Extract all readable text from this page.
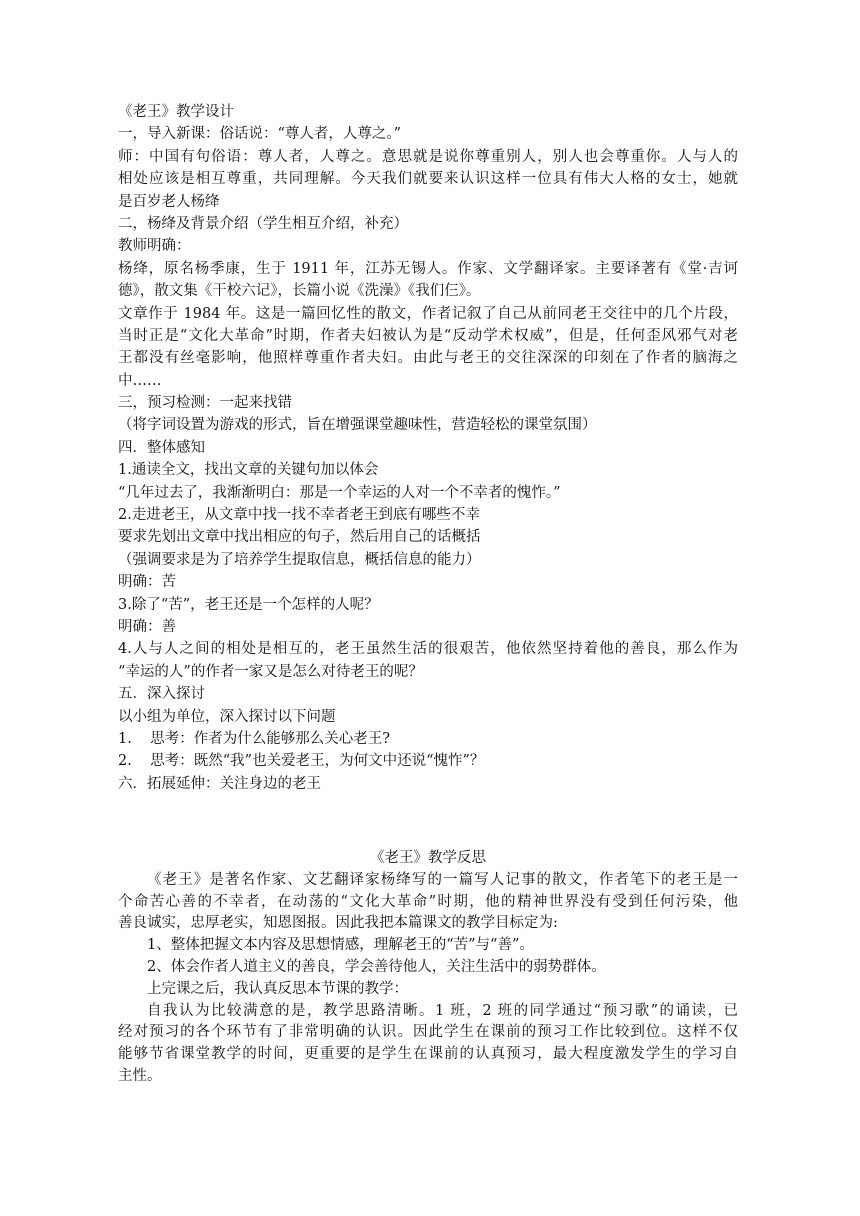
《老王》教学设计
一，导入新课：俗话说：“尊人者，人尊之。”
师：中国有句俗语：尊人者，人尊之。意思就是说你尊重别人，别人也会尊重你。人与人的
相处应该是相互尊重，共同理解。今天我们就要来认识这样一位具有伟大人格的女士，她就
是百岁老人杨绛
二，杨绛及背景介绍（学生相互介绍，补充）
教师明确：
杨绛，原名杨季康，生于 1911 年，江苏无锡人。作家、文学翻译家。主要译著有《堂·吉诃
德》，散文集《干校六记》，长篇小说《洗澡》《我们仨》。
文章作于 1984 年。这是一篇回忆性的散文，作者记叙了自己从前同老王交往中的几个片段，
当时正是“文化大革命”时期，作者夫妇被认为是“反动学术权威”，但是，任何歪风邪气对老
王都没有丝毫影响，他照样尊重作者夫妇。由此与老王的交往深深的印刻在了作者的脑海之
中……
三，预习检测：一起来找错
（将字词设置为游戏的形式，旨在增强课堂趣味性，营造轻松的课堂氛围）
四．整体感知
1.通读全文，找出文章的关键句加以体会
“几年过去了，我渐渐明白：那是一个幸运的人对一个不幸者的愧怍。”
2.走进老王，从文章中找一找不幸者老王到底有哪些不幸
要求先划出文章中找出相应的句子，然后用自己的话概括
（强调要求是为了培养学生提取信息，概括信息的能力）
明确：苦
3.除了“苦”，老王还是一个怎样的人呢？
明确：善
4.人与人之间的相处是相互的，老王虽然生活的很艰苦，他依然坚持着他的善良，那么作为
“幸运的人”的作者一家又是怎么对待老王的呢？
五．深入探讨
以小组为单位，深入探讨以下问题
1.    思考：作者为什么能够那么关心老王?
2.    思考：既然“我”也关爱老王，为何文中还说“愧怍”？
六．拓展延伸：关注身边的老王
《老王》教学反思
《老王》是著名作家、文艺翻译家杨绛写的一篇写人记事的散文，作者笔下的老王是一
个命苦心善的不幸者，在动荡的“文化大革命”时期，他的精神世界没有受到任何污染，他
善良诚实，忠厚老实，知恩图报。因此我把本篇课文的教学目标定为:
1、整体把握文本内容及思想情感，理解老王的“苦”与“善”。
2、体会作者人道主义的善良，学会善待他人，关注生活中的弱势群体。
上完课之后，我认真反思本节课的教学：
自我认为比较满意的是，教学思路清晰。1 班，2 班的同学通过“预习歌”的诵读，已
经对预习的各个环节有了非常明确的认识。因此学生在课前的预习工作比较到位。这样不仅
能够节省课堂教学的时间，更重要的是学生在课前的认真预习，最大程度激发学生的学习自
主性。
